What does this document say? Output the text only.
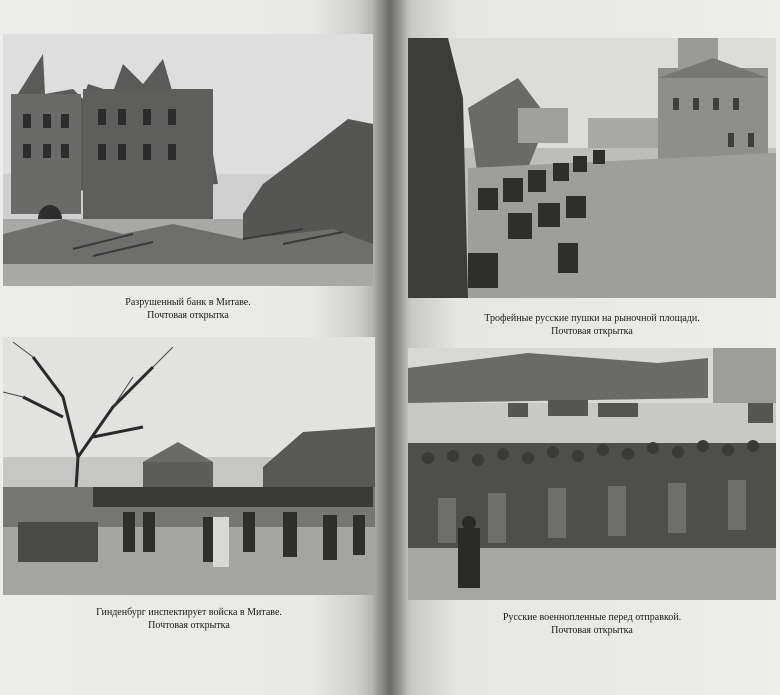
Разрушенный банк в Митаве.
Почтовая открытка	Трофейные русские пушки на рыночной площади.
Почтовая открытка
Гинденбург инспектирует войска в Митаве.
Почтовая открытка
Русские военнопленные перед отправкой.
Почтовая открытка
